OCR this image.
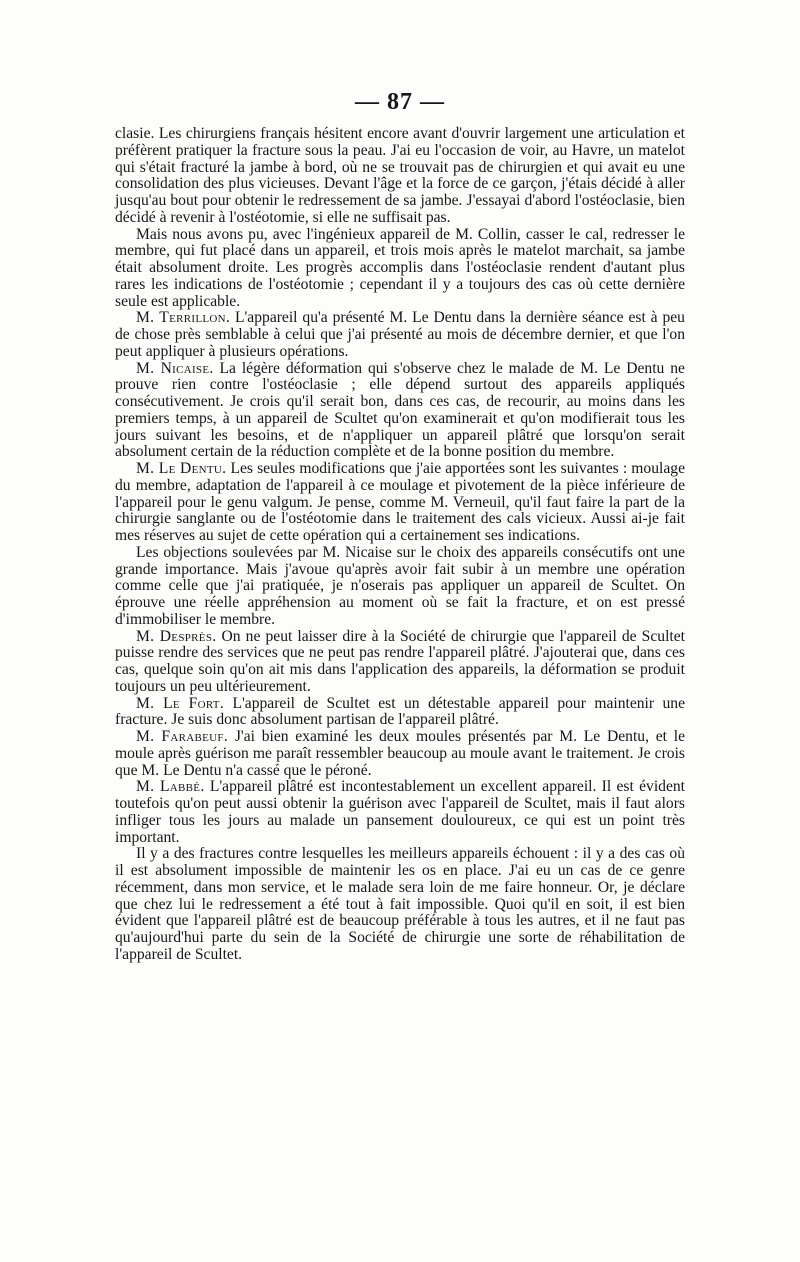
— 87 —

clasie. Les chirurgiens français hésitent encore avant d'ouvrir largement une articulation et préfèrent pratiquer la fracture sous la peau. J'ai eu l'occasion de voir, au Havre, un matelot qui s'était fracturé la jambe à bord, où ne se trouvait pas de chirurgien et qui avait eu une consolidation des plus vicieuses. Devant l'âge et la force de ce garçon, j'étais décidé à aller jusqu'au bout pour obtenir le redressement de sa jambe. J'essayai d'abord l'ostéoclasie, bien décidé à revenir à l'ostéotomie, si elle ne suffisait pas.

Mais nous avons pu, avec l'ingénieux appareil de M. Collin, casser le cal, redresser le membre, qui fut placé dans un appareil, et trois mois après le matelot marchait, sa jambe était absolument droite. Les progrès accomplis dans l'ostéoclasie rendent d'autant plus rares les indications de l'ostéotomie ; cependant il y a toujours des cas où cette dernière seule est applicable.

M. Terrillon. L'appareil qu'a présenté M. Le Dentu dans la dernière séance est à peu de chose près semblable à celui que j'ai présenté au mois de décembre dernier, et que l'on peut appliquer à plusieurs opérations.

M. Nicaise. La légère déformation qui s'observe chez le malade de M. Le Dentu ne prouve rien contre l'ostéoclasie ; elle dépend surtout des appareils appliqués consécutivement. Je crois qu'il serait bon, dans ces cas, de recourir, au moins dans les premiers temps, à un appareil de Scultet qu'on examinerait et qu'on modifierait tous les jours suivant les besoins, et de n'appliquer un appareil plâtré que lorsqu'on serait absolument certain de la réduction complète et de la bonne position du membre.

M. Le Dentu. Les seules modifications que j'aie apportées sont les suivantes : moulage du membre, adaptation de l'appareil à ce moulage et pivotement de la pièce inférieure de l'appareil pour le genu valgum. Je pense, comme M. Verneuil, qu'il faut faire la part de la chirurgie sanglante ou de l'ostéotomie dans le traitement des cals vicieux. Aussi ai-je fait mes réserves au sujet de cette opération qui a certainement ses indications.

Les objections soulevées par M. Nicaise sur le choix des appareils consécutifs ont une grande importance. Mais j'avoue qu'après avoir fait subir à un membre une opération comme celle que j'ai pratiquée, je n'oserais pas appliquer un appareil de Scultet. On éprouve une réelle appréhension au moment où se fait la fracture, et on est pressé d'immobiliser le membre.

M. Desprès. On ne peut laisser dire à la Société de chirurgie que l'appareil de Scultet puisse rendre des services que ne peut pas rendre l'appareil plâtré. J'ajouterai que, dans ces cas, quelque soin qu'on ait mis dans l'application des appareils, la déformation se produit toujours un peu ultérieurement.

M. Le Fort. L'appareil de Scultet est un détestable appareil pour maintenir une fracture. Je suis donc absolument partisan de l'appareil plâtré.

M. Farabeuf. J'ai bien examiné les deux moules présentés par M. Le Dentu, et le moule après guérison me paraît ressembler beaucoup au moule avant le traitement. Je crois que M. Le Dentu n'a cassé que le péroné.

M. Labbé. L'appareil plâtré est incontestablement un excellent appareil. Il est évident toutefois qu'on peut aussi obtenir la guérison avec l'appareil de Scultet, mais il faut alors infliger tous les jours au malade un pansement douloureux, ce qui est un point très important.

Il y a des fractures contre lesquelles les meilleurs appareils échouent : il y a des cas où il est absolument impossible de maintenir les os en place. J'ai eu un cas de ce genre récemment, dans mon service, et le malade sera loin de me faire honneur. Or, je déclare que chez lui le redressement a été tout à fait impossible. Quoi qu'il en soit, il est bien évident que l'appareil plâtré est de beaucoup préférable à tous les autres, et il ne faut pas qu'aujourd'hui parte du sein de la Société de chirurgie une sorte de réhabilitation de l'appareil de Scultet.
